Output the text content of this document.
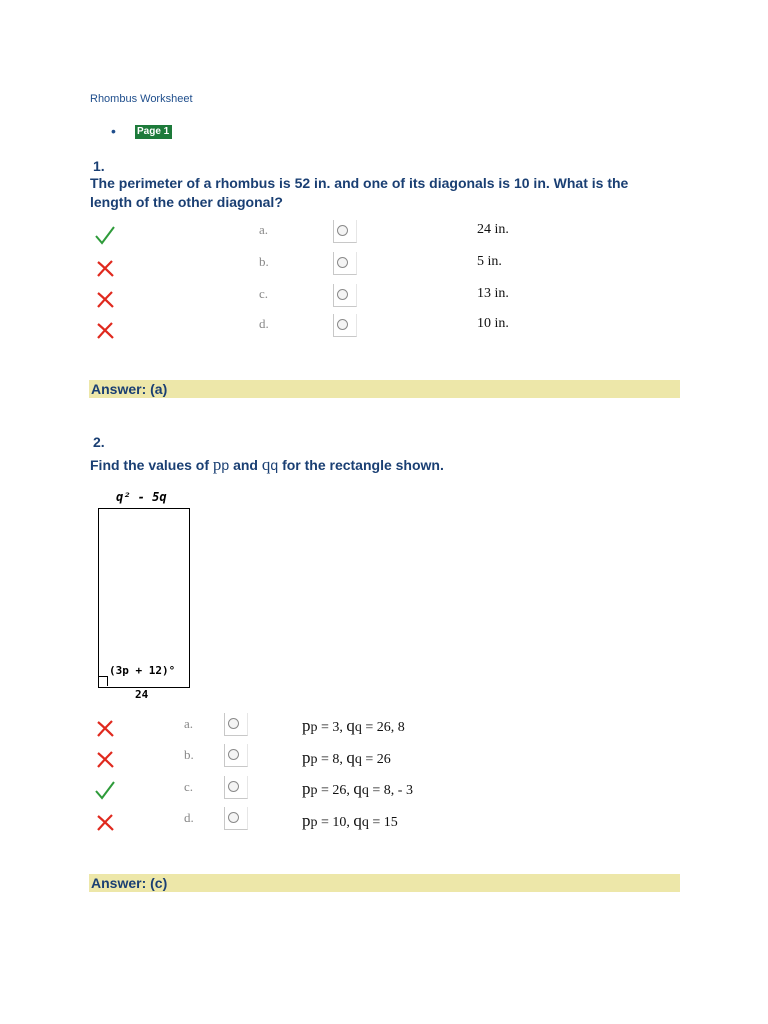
Rhombus Worksheet
• Page 1
1.
The perimeter of a rhombus is 52 in. and one of its diagonals is 10 in. What is the length of the other diagonal?
a.	24 in.
b.	5 in.
c.	13 in.
d.	10 in.
Answer: (a)
2.
Find the values of pp and qq for the rectangle shown.
q² - 5q
(3p + 12)°
24
a.	pp = 3, qq = 26, 8
b.	pp = 8, qq = 26
c.	pp = 26, qq = 8, - 3
d.	pp = 10, qq = 15
Answer: (c)
